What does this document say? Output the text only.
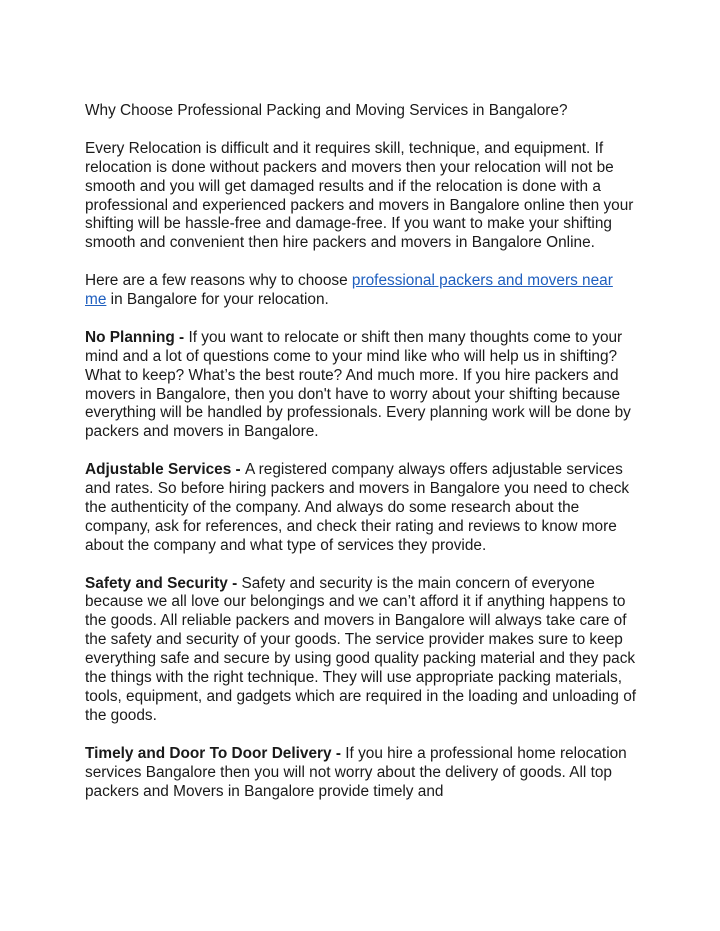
Why Choose Professional Packing and Moving Services in Bangalore?

Every Relocation is difficult and it requires skill, technique, and equipment. If relocation is done without packers and movers then your relocation will not be smooth and you will get damaged results and if the relocation is done with a professional and experienced packers and movers in Bangalore online then your shifting will be hassle-free and damage-free. If you want to make your shifting smooth and convenient then hire packers and movers in Bangalore Online.

Here are a few reasons why to choose professional packers and movers near me in Bangalore for your relocation.

No Planning - If you want to relocate or shift then many thoughts come to your mind and a lot of questions come to your mind like who will help us in shifting? What to keep? What’s the best route? And much more. If you hire packers and movers in Bangalore, then you don't have to worry about your shifting because everything will be handled by professionals. Every planning work will be done by packers and movers in Bangalore.

Adjustable Services - A registered company always offers adjustable services and rates. So before hiring packers and movers in Bangalore you need to check the authenticity of the company. And always do some research about the company, ask for references, and check their rating and reviews to know more about the company and what type of services they provide.

Safety and Security - Safety and security is the main concern of everyone because we all love our belongings and we can’t afford it if anything happens to the goods. All reliable packers and movers in Bangalore will always take care of the safety and security of your goods. The service provider makes sure to keep everything safe and secure by using good quality packing material and they pack the things with the right technique. They will use appropriate packing materials, tools, equipment, and gadgets which are required in the loading and unloading of the goods.

Timely and Door To Door Delivery - If you hire a professional home relocation services Bangalore then you will not worry about the delivery of goods. All top packers and Movers in Bangalore provide timely and
